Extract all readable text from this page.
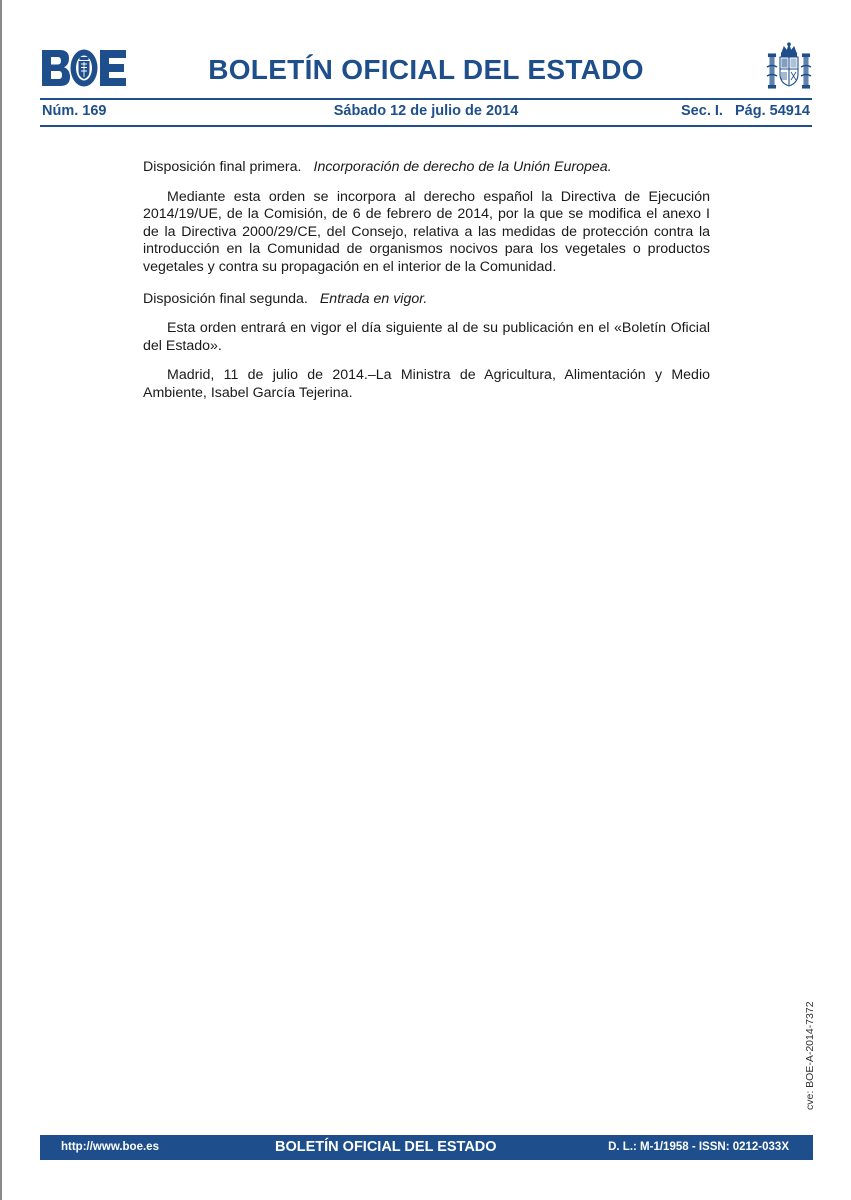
BOLETÍN OFICIAL DEL ESTADO
Núm. 169	Sábado 12 de julio de 2014	Sec. I.   Pág. 54914

Disposición final primera. Incorporación de derecho de la Unión Europea.

Mediante esta orden se incorpora al derecho español la Directiva de Ejecución 2014/19/UE, de la Comisión, de 6 de febrero de 2014, por la que se modifica el anexo I de la Directiva 2000/29/CE, del Consejo, relativa a las medidas de protección contra la introducción en la Comunidad de organismos nocivos para los vegetales o productos vegetales y contra su propagación en el interior de la Comunidad.

Disposición final segunda. Entrada en vigor.

Esta orden entrará en vigor el día siguiente al de su publicación en el «Boletín Oficial del Estado».

Madrid, 11 de julio de 2014.–La Ministra de Agricultura, Alimentación y Medio Ambiente, Isabel García Tejerina.

cve: BOE-A-2014-7372
http://www.boe.es	BOLETÍN OFICIAL DEL ESTADO	D. L.: M-1/1958 - ISSN: 0212-033X
